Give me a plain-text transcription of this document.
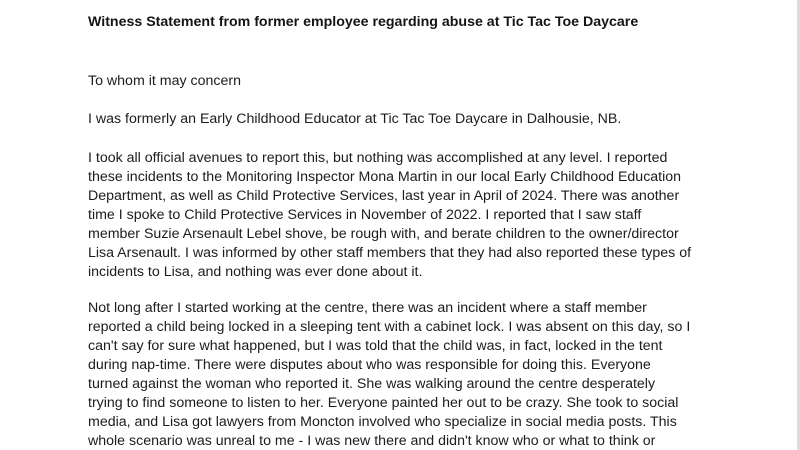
Witness Statement from former employee regarding abuse at Tic Tac Toe Daycare

To whom it may concern

I was formerly an Early Childhood Educator at Tic Tac Toe Daycare in Dalhousie, NB.

I took all official avenues to report this, but nothing was accomplished at any level. I reported
these incidents to the Monitoring Inspector Mona Martin in our local Early Childhood Education
Department, as well as Child Protective Services, last year in April of 2024. There was another
time I spoke to Child Protective Services in November of 2022. I reported that I saw staff
member Suzie Arsenault Lebel shove, be rough with, and berate children to the owner/director
Lisa Arsenault. I was informed by other staff members that they had also reported these types of
incidents to Lisa, and nothing was ever done about it.

Not long after I started working at the centre, there was an incident where a staff member
reported a child being locked in a sleeping tent with a cabinet lock. I was absent on this day, so I
can't say for sure what happened, but I was told that the child was, in fact, locked in the tent
during nap-time. There were disputes about who was responsible for doing this. Everyone
turned against the woman who reported it. She was walking around the centre desperately
trying to find someone to listen to her. Everyone painted her out to be crazy. She took to social
media, and Lisa got lawyers from Moncton involved who specialize in social media posts. This
whole scenario was unreal to me - I was new there and didn't know who or what to think or
